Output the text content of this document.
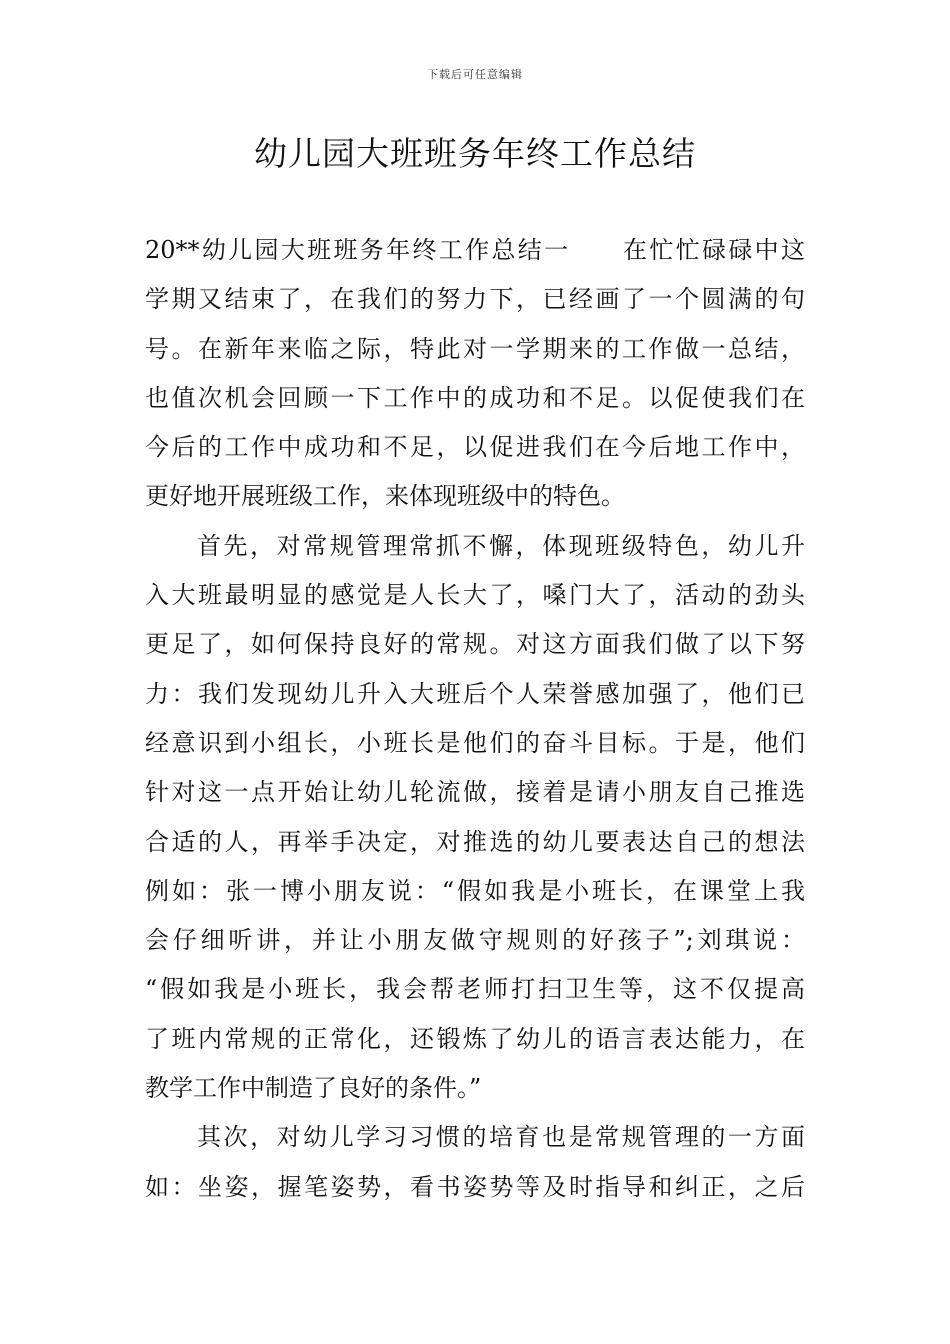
下载后可任意编辑
幼儿园大班班务年终工作总结
20**幼儿园大班班务年终工作总结一　　在忙忙碌碌中这
学期又结束了，在我们的努力下，已经画了一个圆满的句
号。在新年来临之际，特此对一学期来的工作做一总结，
也值次机会回顾一下工作中的成功和不足。以促使我们在
今后的工作中成功和不足，以促进我们在今后地工作中，
更好地开展班级工作，来体现班级中的特色。
首先，对常规管理常抓不懈，体现班级特色，幼儿升
入大班最明显的感觉是人长大了，嗓门大了，活动的劲头
更足了，如何保持良好的常规。对这方面我们做了以下努
力：我们发现幼儿升入大班后个人荣誉感加强了，他们已
经意识到小组长，小班长是他们的奋斗目标。于是，他们
针对这一点开始让幼儿轮流做，接着是请小朋友自己推选
合适的人，再举手决定，对推选的幼儿要表达自己的想法
例如：张一博小朋友说：“假如我是小班长，在课堂上我
会仔细听讲，并让小朋友做守规则的好孩子”;刘琪说：
“假如我是小班长，我会帮老师打扫卫生等，这不仅提高
了班内常规的正常化，还锻炼了幼儿的语言表达能力，在
教学工作中制造了良好的条件。”
其次，对幼儿学习习惯的培育也是常规管理的一方面
如：坐姿，握笔姿势，看书姿势等及时指导和纠正，之后
